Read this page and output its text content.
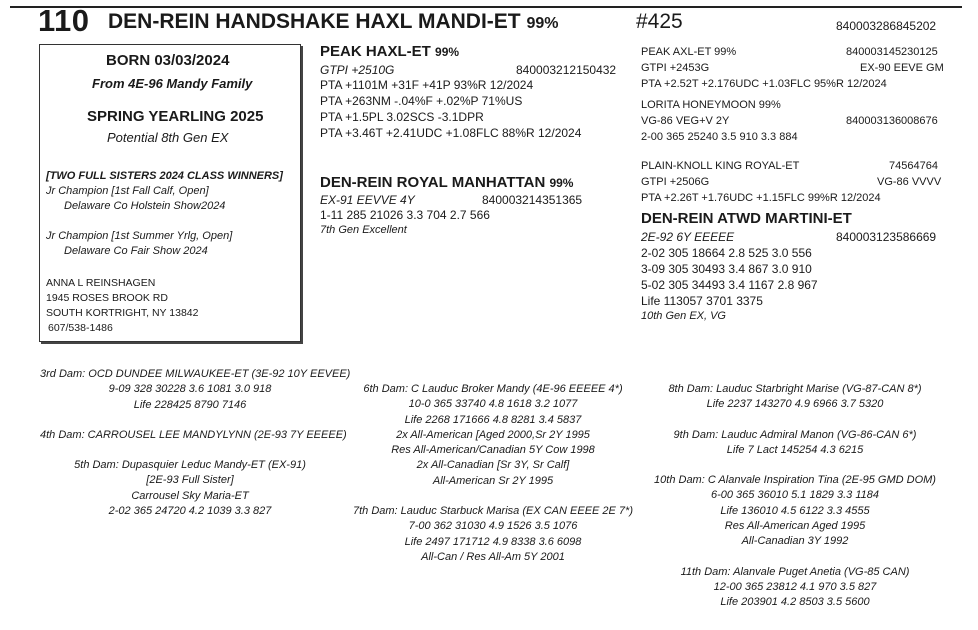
110 DEN-REIN HANDSHAKE HAXL MANDI-ET 99%	#425	840003286845202
BORN 03/03/2024
From 4E-96 Mandy Family
SPRING YEARLING 2025
Potential 8th Gen EX
[TWO FULL SISTERS 2024 CLASS WINNERS]
Jr Champion [1st Fall Calf, Open]
Delaware Co Holstein Show2024
Jr Champion [1st Summer Yrlg, Open]
Delaware Co Fair Show 2024
ANNA L REINSHAGEN
1945 ROSES BROOK RD
SOUTH KORTRIGHT, NY 13842
607/538-1486
PEAK HAXL-ET 99%
GTPI +2510G	840003212150432
PTA +1101M +31F +41P 93%R 12/2024
PTA +263NM -.04%F +.02%P 71%US
PTA +1.5PL 3.02SCS -3.1DPR
PTA +3.46T +2.41UDC +1.08FLC 88%R 12/2024
DEN-REIN ROYAL MANHATTAN 99%
EX-91 EEVVE 4Y	840003214351365
1-11 285 21026 3.3 704 2.7 566
7th Gen Excellent
PEAK AXL-ET 99%	840003145230125
GTPI +2453G	EX-90 EEVE GM
PTA +2.52T +2.176UDC +1.03FLC 95%R 12/2024
LORITA HONEYMOON 99%
VG-86 VEG+V 2Y	840003136008676
2-00 365 25240 3.5 910 3.3 884
PLAIN-KNOLL KING ROYAL-ET	74564764
GTPI +2506G	VG-86 VVVV
PTA +2.26T +1.76UDC +1.15FLC 99%R 12/2024
DEN-REIN ATWD MARTINI-ET
2E-92 6Y EEEEE	840003123586669
2-02 305 18664 2.8 525 3.0 556
3-09 305 30493 3.4 867 3.0 910
5-02 305 34493 3.4 1167 2.8 967
Life 113057 3701 3375
10th Gen EX, VG
3rd Dam: OCD DUNDEE MILWAUKEE-ET (3E-92 10Y EEVEE)
9-09 328 30228 3.6 1081 3.0 918
Life 228425 8790 7146
4th Dam: CARROUSEL LEE MANDYLYNN (2E-93 7Y EEEEE)
5th Dam: Dupasquier Leduc Mandy-ET (EX-91)
[2E-93 Full Sister]
Carrousel Sky Maria-ET
2-02 365 24720 4.2 1039 3.3 827
6th Dam: C Lauduc Broker Mandy (4E-96 EEEEE 4*)
10-0 365 33740 4.8 1618 3.2 1077
Life 2268 171666 4.8 8281 3.4 5837
2x All-American [Aged 2000,Sr 2Y 1995
Res All-American/Canadian 5Y Cow 1998
2x All-Canadian [Sr 3Y, Sr Calf]
All-American Sr 2Y 1995
7th Dam: Lauduc Starbuck Marisa (EX CAN EEEE 2E 7*)
7-00 362 31030 4.9 1526 3.5 1076
Life 2497 171712 4.9 8338 3.6 6098
All-Can / Res All-Am 5Y 2001
8th Dam: Lauduc Starbright Marise (VG-87-CAN 8*)
Life 2237 143270 4.9 6966 3.7 5320
9th Dam: Lauduc Admiral Manon (VG-86-CAN 6*)
Life 7 Lact 145254 4.3 6215
10th Dam: C Alanvale Inspiration Tina (2E-95 GMD DOM)
6-00 365 36010 5.1 1829 3.3 1184
Life 136010 4.5 6122 3.3 4555
Res All-American Aged 1995
All-Canadian 3Y 1992
11th Dam: Alanvale Puget Anetia (VG-85 CAN)
12-00 365 23812 4.1 970 3.5 827
Life 203901 4.2 8503 3.5 5600
